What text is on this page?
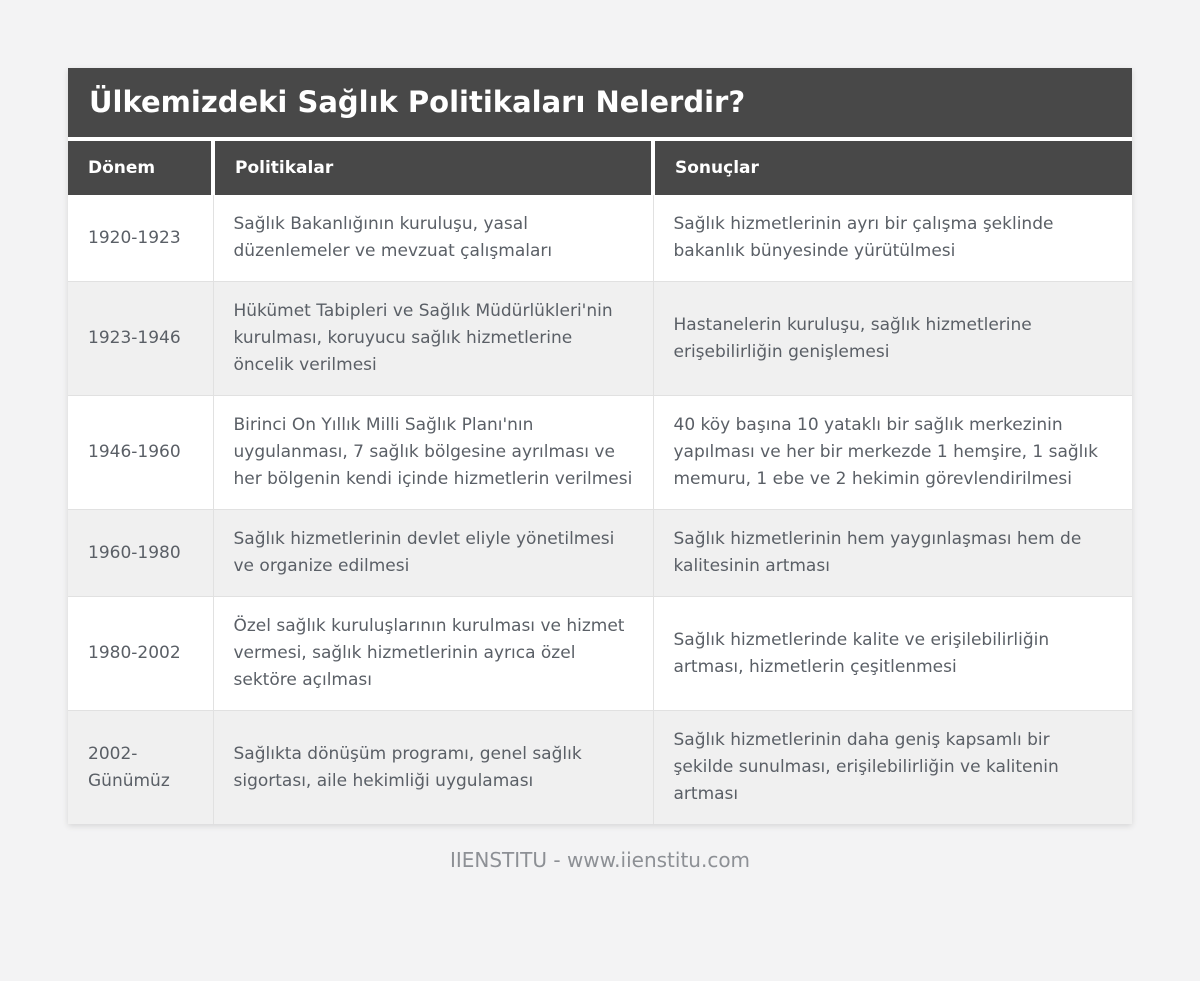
Ülkemizdeki Sağlık Politikaları Nelerdir?
Dönem	Politikalar	Sonuçlar
1920-1923	Sağlık Bakanlığının kuruluşu, yasal düzenlemeler ve mevzuat çalışmaları	Sağlık hizmetlerinin ayrı bir çalışma şeklinde bakanlık bünyesinde yürütülmesi
1923-1946	Hükümet Tabipleri ve Sağlık Müdürlükleri'nin kurulması, koruyucu sağlık hizmetlerine öncelik verilmesi	Hastanelerin kuruluşu, sağlık hizmetlerine erişebilirliğin genişlemesi
1946-1960	Birinci On Yıllık Milli Sağlık Planı'nın uygulanması, 7 sağlık bölgesine ayrılması ve her bölgenin kendi içinde hizmetlerin verilmesi	40 köy başına 10 yataklı bir sağlık merkezinin yapılması ve her bir merkezde 1 hemşire, 1 sağlık memuru, 1 ebe ve 2 hekimin görevlendirilmesi
1960-1980	Sağlık hizmetlerinin devlet eliyle yönetilmesi ve organize edilmesi	Sağlık hizmetlerinin hem yaygınlaşması hem de kalitesinin artması
1980-2002	Özel sağlık kuruluşlarının kurulması ve hizmet vermesi, sağlık hizmetlerinin ayrıca özel sektöre açılması	Sağlık hizmetlerinde kalite ve erişilebilirliğin artması, hizmetlerin çeşitlenmesi
2002-Günümüz	Sağlıkta dönüşüm programı, genel sağlık sigortası, aile hekimliği uygulaması	Sağlık hizmetlerinin daha geniş kapsamlı bir şekilde sunulması, erişilebilirliğin ve kalitenin artması
IIENSTITU - www.iienstitu.com
